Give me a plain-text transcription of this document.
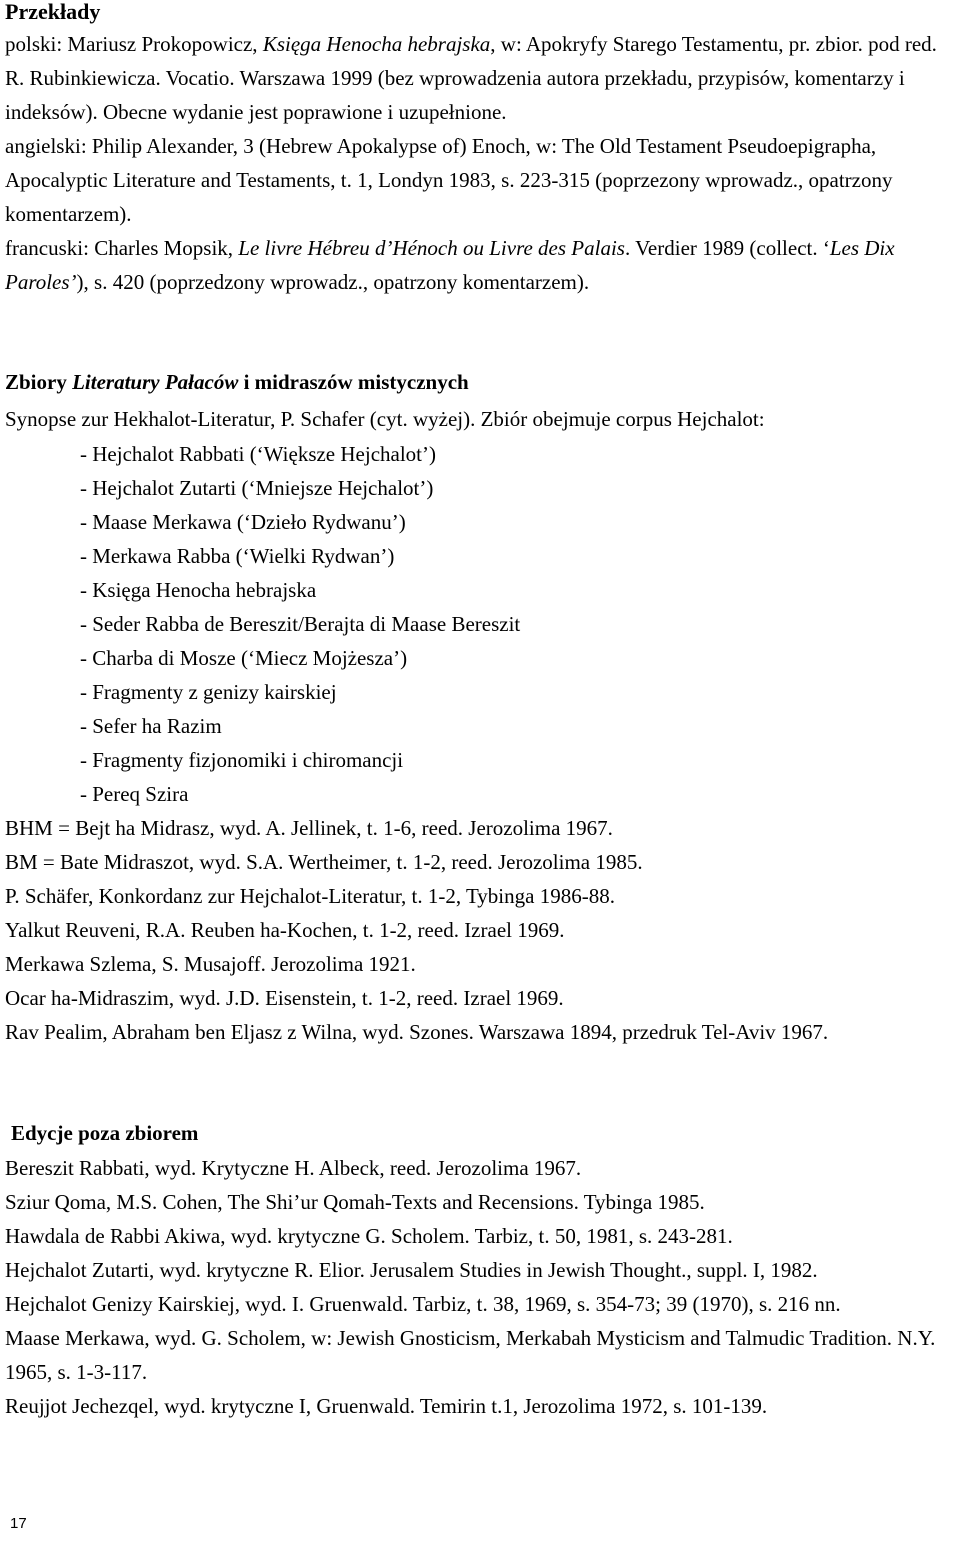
Przekłady

polski: Mariusz Prokopowicz, Księga Henocha hebrajska, w: Apokryfy Starego Testamentu, pr. zbior. pod red. R. Rubinkiewicza. Vocatio. Warszawa 1999 (bez wprowadzenia autora przekładu, przypisów, komentarzy i indeksów). Obecne wydanie jest poprawione i uzupełnione.

angielski: Philip Alexander, 3 (Hebrew Apokalypse of) Enoch, w: The Old Testament Pseudoepigrapha, Apocalyptic Literature and Testaments, t. 1, Londyn 1983, s. 223-315 (poprzezony wprowadz., opatrzony komentarzem).

francuski: Charles Mopsik, Le livre Hébreu d’Hénoch ou Livre des Palais. Verdier 1989 (collect. ‘Les Dix Paroles’), s. 420 (poprzedzony wprowadz., opatrzony komentarzem).

Zbiory Literatury Pałaców i midraszów mistycznych

Synopse zur Hekhalot-Literatur, P. Schafer (cyt. wyżej). Zbiór obejmuje corpus Hejchalot:

- Hejchalot Rabbati (‘Większe Hejchalot’)

- Hejchalot Zutarti (‘Mniejsze Hejchalot’)

- Maase Merkawa (‘Dzieło Rydwanu’)

- Merkawa Rabba (‘Wielki Rydwan’)

- Księga Henocha hebrajska

- Seder Rabba de Bereszit/Berajta di Maase Bereszit

- Charba di Mosze (‘Miecz Mojżesza’)

- Fragmenty z genizy kairskiej

- Sefer ha Razim

- Fragmenty fizjonomiki i chiromancji

- Pereq Szira

BHM = Bejt ha Midrasz, wyd. A. Jellinek, t. 1-6, reed. Jerozolima 1967.

BM = Bate Midraszot, wyd. S.A. Wertheimer, t. 1-2, reed. Jerozolima 1985.

P. Schäfer, Konkordanz zur Hejchalot-Literatur, t. 1-2, Tybinga 1986-88.

Yalkut Reuveni, R.A. Reuben ha-Kochen, t. 1-2, reed. Izrael 1969.

Merkawa Szlema, S. Musajoff. Jerozolima 1921.

Ocar ha-Midraszim, wyd. J.D. Eisenstein, t. 1-2, reed. Izrael 1969.

Rav Pealim, Abraham ben Eljasz z Wilna, wyd. Szones. Warszawa 1894, przedruk Tel-Aviv 1967.

Edycje poza zbiorem

Bereszit Rabbati, wyd. Krytyczne H. Albeck, reed. Jerozolima 1967.

Sziur Qoma, M.S. Cohen, The Shi’ur Qomah-Texts and Recensions. Tybinga 1985.

Hawdala de Rabbi Akiwa, wyd. krytyczne G. Scholem. Tarbiz, t. 50, 1981, s. 243-281.

Hejchalot Zutarti, wyd. krytyczne R. Elior. Jerusalem Studies in Jewish Thought., suppl. I, 1982.

Hejchalot Genizy Kairskiej, wyd. I. Gruenwald. Tarbiz, t. 38, 1969, s. 354-73; 39 (1970), s. 216 nn.

Maase Merkawa, wyd. G. Scholem, w: Jewish Gnosticism, Merkabah Mysticism and Talmudic Tradition. N.Y. 1965, s. 1-3-117.

Reujjot Jechezqel, wyd. krytyczne I, Gruenwald. Temirin t.1, Jerozolima 1972, s. 101-139.

17
